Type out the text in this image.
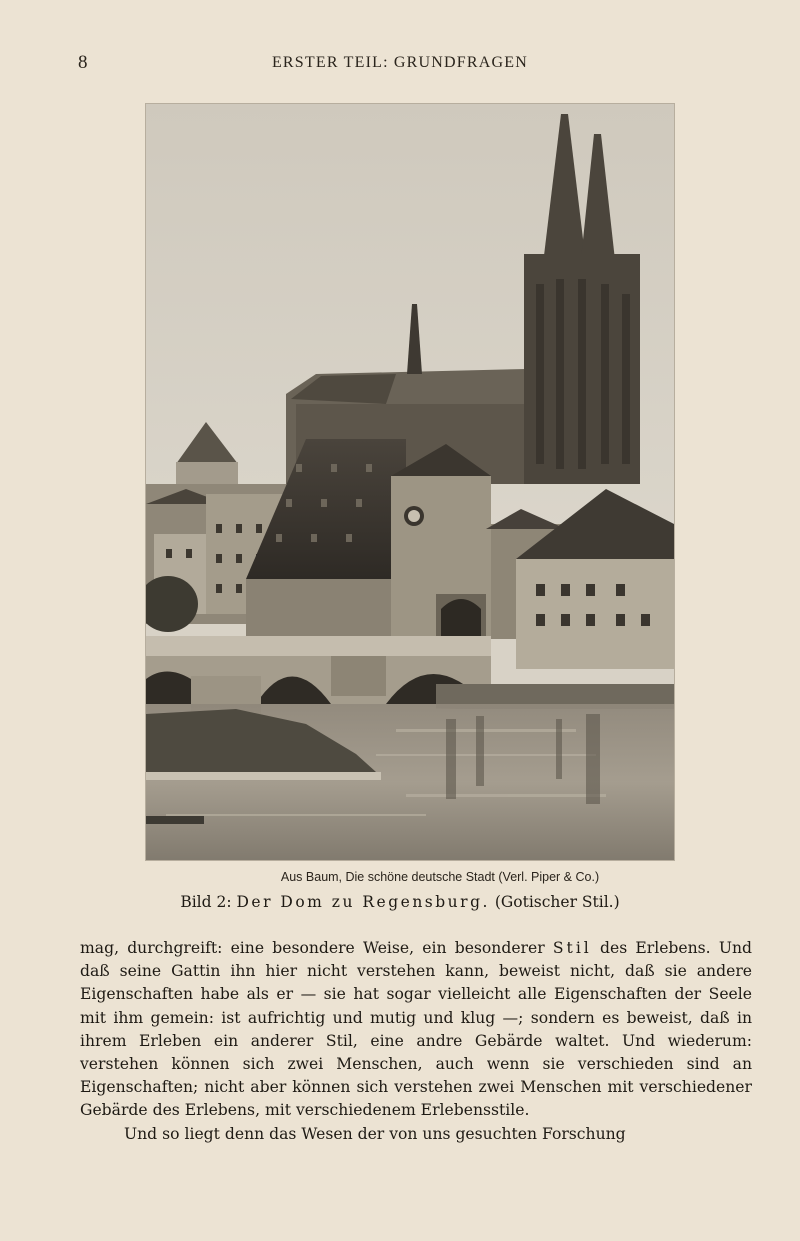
8	ERSTER TEIL: GRUNDFRAGEN
Aus Baum, Die schöne deutsche Stadt (Verl. Piper & Co.)
Bild 2: Der Dom zu Regensburg. (Gotischer Stil.)

mag, durchgreift: eine besondere Weise, ein besonderer Stil des Erlebens. Und daß seine Gattin ihn hier nicht verstehen kann, beweist nicht, daß sie andere Eigenschaften habe als er — sie hat sogar vielleicht alle Eigenschaften der Seele mit ihm gemein: ist aufrichtig und mutig und klug —; sondern es beweist, daß in ihrem Erleben ein anderer Stil, eine andre Gebärde waltet. Und wiederum: verstehen können sich zwei Menschen, auch wenn sie verschieden sind an Eigenschaften; nicht aber können sich verstehen zwei Menschen mit verschiedener Gebärde des Erlebens, mit verschiedenem Erlebensstile.

Und so liegt denn das Wesen der von uns gesuchten Forschung
